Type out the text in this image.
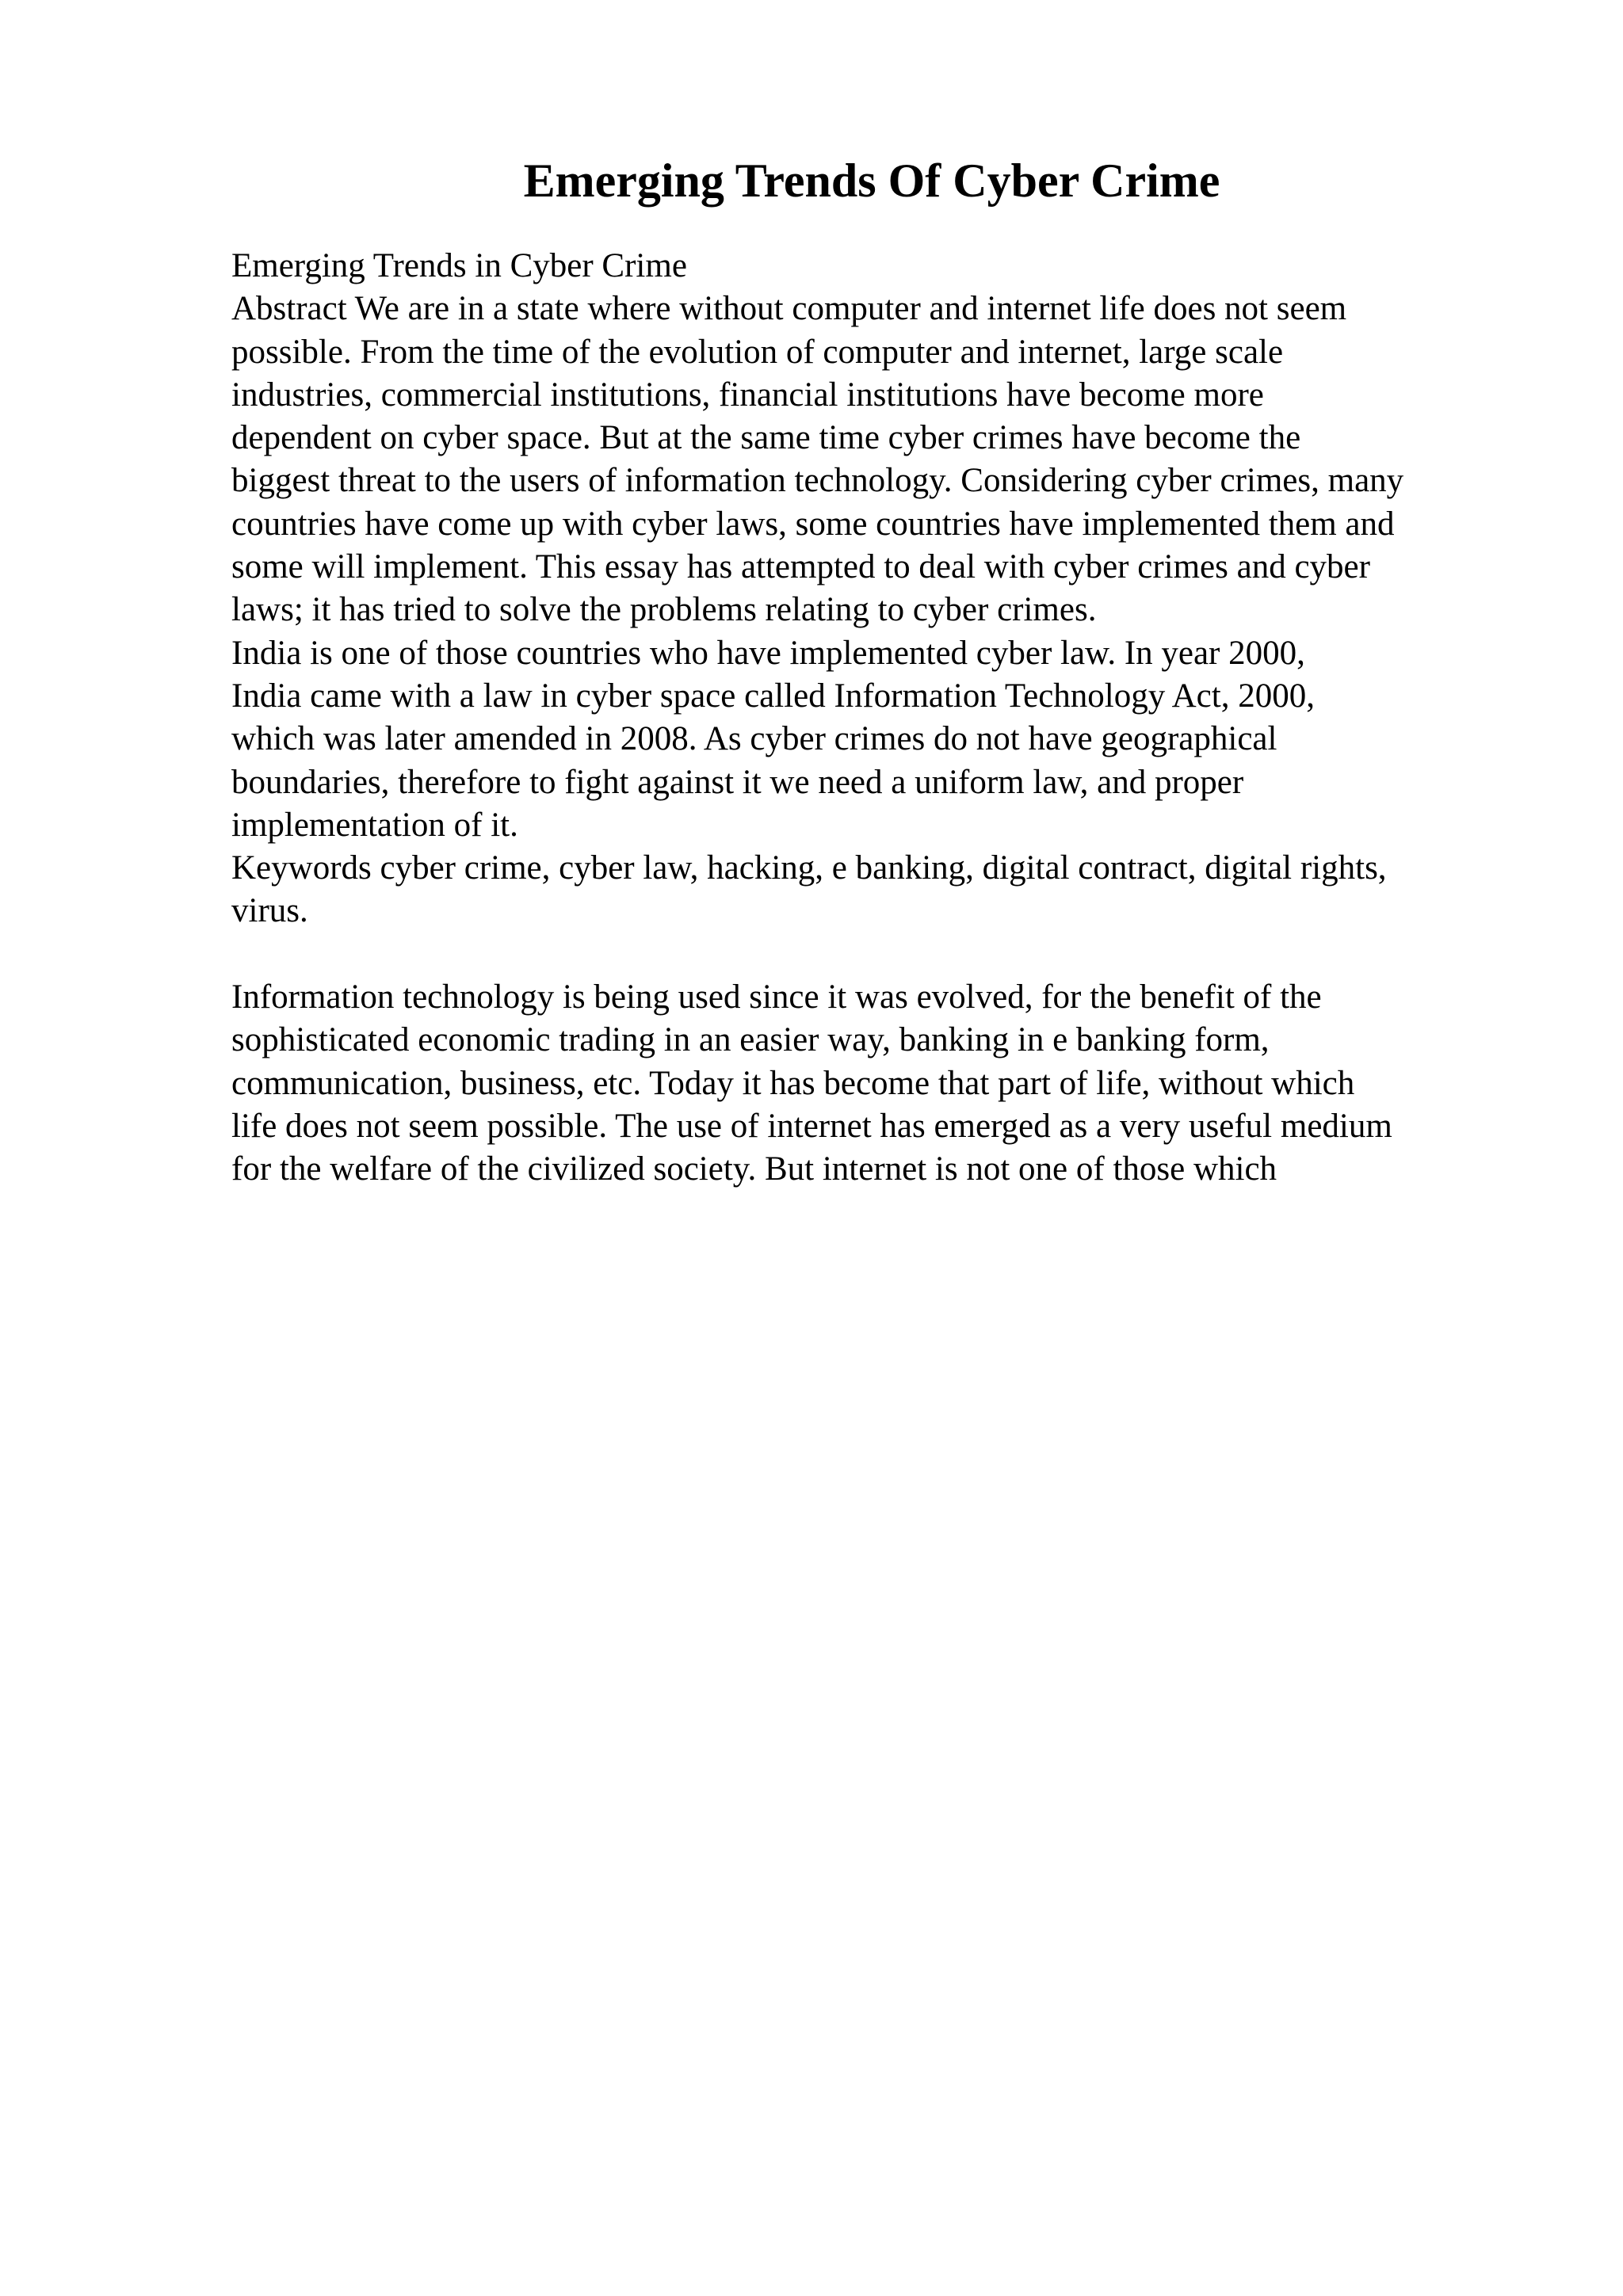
Emerging Trends Of Cyber Crime
Emerging Trends in Cyber Crime
Abstract We are in a state where without computer and internet life does not seem
possible. From the time of the evolution of computer and internet, large scale
industries, commercial institutions, financial institutions have become more
dependent on cyber space. But at the same time cyber crimes have become the
biggest threat to the users of information technology. Considering cyber crimes, many
countries have come up with cyber laws, some countries have implemented them and
some will implement. This essay has attempted to deal with cyber crimes and cyber
laws; it has tried to solve the problems relating to cyber crimes.
India is one of those countries who have implemented cyber law. In year 2000,
India came with a law in cyber space called Information Technology Act, 2000,
which was later amended in 2008. As cyber crimes do not have geographical
boundaries, therefore to fight against it we need a uniform law, and proper
implementation of it.
Keywords cyber crime, cyber law, hacking, e banking, digital contract, digital rights,
virus.
Information technology is being used since it was evolved, for the benefit of the
sophisticated economic trading in an easier way, banking in e banking form,
communication, business, etc. Today it has become that part of life, without which
life does not seem possible. The use of internet has emerged as a very useful medium
for the welfare of the civilized society. But internet is not one of those which
